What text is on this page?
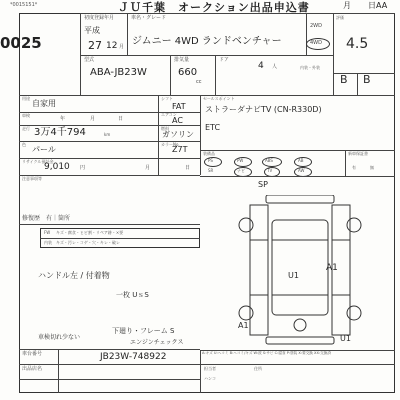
*0015151*	ＪＵ千葉　オークション出品申込書	月 日AA
0025
初度登録年月
平成
27 12 月
車名・グレード
ジムニー 4WD ランドベンチャー
2WD
4WD
評価
4.5
型式
ABA-JB23W
排気量
660
cc
ドア
4 人	内装・外装
B B
用途
自家用
シフト
FAT
エアコン
AC
セールスポイント
ストラーダナビTV (CN-R330D)
ETC
車検
年	月	日
走行 3万4千794	km
燃料
ガソリン
色
パール
カラーNo.
Z7T
リサイクル預託金
9,010 円	月	日
注意事項等
修復歴　有｜箇所
装備品	新車保証書
PS	PW	ABS	AB
SR	ナビ	TV	AW
有	無
SP
A1
U1
A1
U1
FW キズ・腐食・ヒビ割・リペア跡・×要
内装 キズ・汚レ・コゲ・穴・キレ・破レ
ハンドル左 / 付着物
一枚 UｓS
下廻り・フレーム S
車検切れ少ない
エンジンチェックス
A:キズ U:ヘコミ B:ヘコミ/キズ W:波 S:サビ C:腐食 P:塗装 X:要交換 XX:交換済
車台番号	JB23W-748922
出品店名	担当者
ハンコ
住所
